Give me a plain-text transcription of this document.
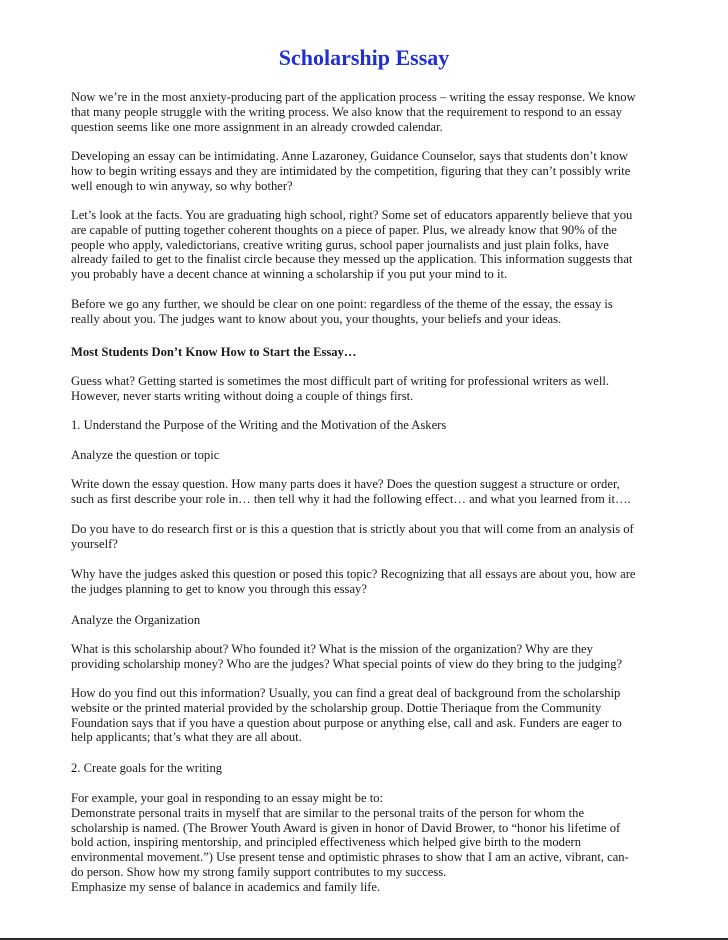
Scholarship Essay

Now we’re in the most anxiety-producing part of the application process – writing the essay response. We know
that many people struggle with the writing process. We also know that the requirement to respond to an essay
question seems like one more assignment in an already crowded calendar.

Developing an essay can be intimidating. Anne Lazaroney, Guidance Counselor, says that students don’t know
how to begin writing essays and they are intimidated by the competition, figuring that they can’t possibly write
well enough to win anyway, so why bother?

Let’s look at the facts. You are graduating high school, right? Some set of educators apparently believe that you
are capable of putting together coherent thoughts on a piece of paper. Plus, we already know that 90% of the
people who apply, valedictorians, creative writing gurus, school paper journalists and just plain folks, have
already failed to get to the finalist circle because they messed up the application. This information suggests that
you probably have a decent chance at winning a scholarship if you put your mind to it.

Before we go any further, we should be clear on one point: regardless of the theme of the essay, the essay is
really about you. The judges want to know about you, your thoughts, your beliefs and your ideas.

Most Students Don’t Know How to Start the Essay…

Guess what? Getting started is sometimes the most difficult part of writing for professional writers as well.
However, never starts writing without doing a couple of things first.

1. Understand the Purpose of the Writing and the Motivation of the Askers

Analyze the question or topic

Write down the essay question. How many parts does it have? Does the question suggest a structure or order,
such as first describe your role in… then tell why it had the following effect… and what you learned from it….

Do you have to do research first or is this a question that is strictly about you that will come from an analysis of
yourself?

Why have the judges asked this question or posed this topic? Recognizing that all essays are about you, how are
the judges planning to get to know you through this essay?

Analyze the Organization

What is this scholarship about? Who founded it? What is the mission of the organization? Why are they
providing scholarship money? Who are the judges? What special points of view do they bring to the judging?

How do you find out this information? Usually, you can find a great deal of background from the scholarship
website or the printed material provided by the scholarship group. Dottie Theriaque from the Community
Foundation says that if you have a question about purpose or anything else, call and ask. Funders are eager to
help applicants; that’s what they are all about.

2. Create goals for the writing

For example, your goal in responding to an essay might be to:
Demonstrate personal traits in myself that are similar to the personal traits of the person for whom the
scholarship is named. (The Brower Youth Award is given in honor of David Brower, to “honor his lifetime of
bold action, inspiring mentorship, and principled effectiveness which helped give birth to the modern
environmental movement.”) Use present tense and optimistic phrases to show that I am an active, vibrant, can-
do person. Show how my strong family support contributes to my success.
Emphasize my sense of balance in academics and family life.
